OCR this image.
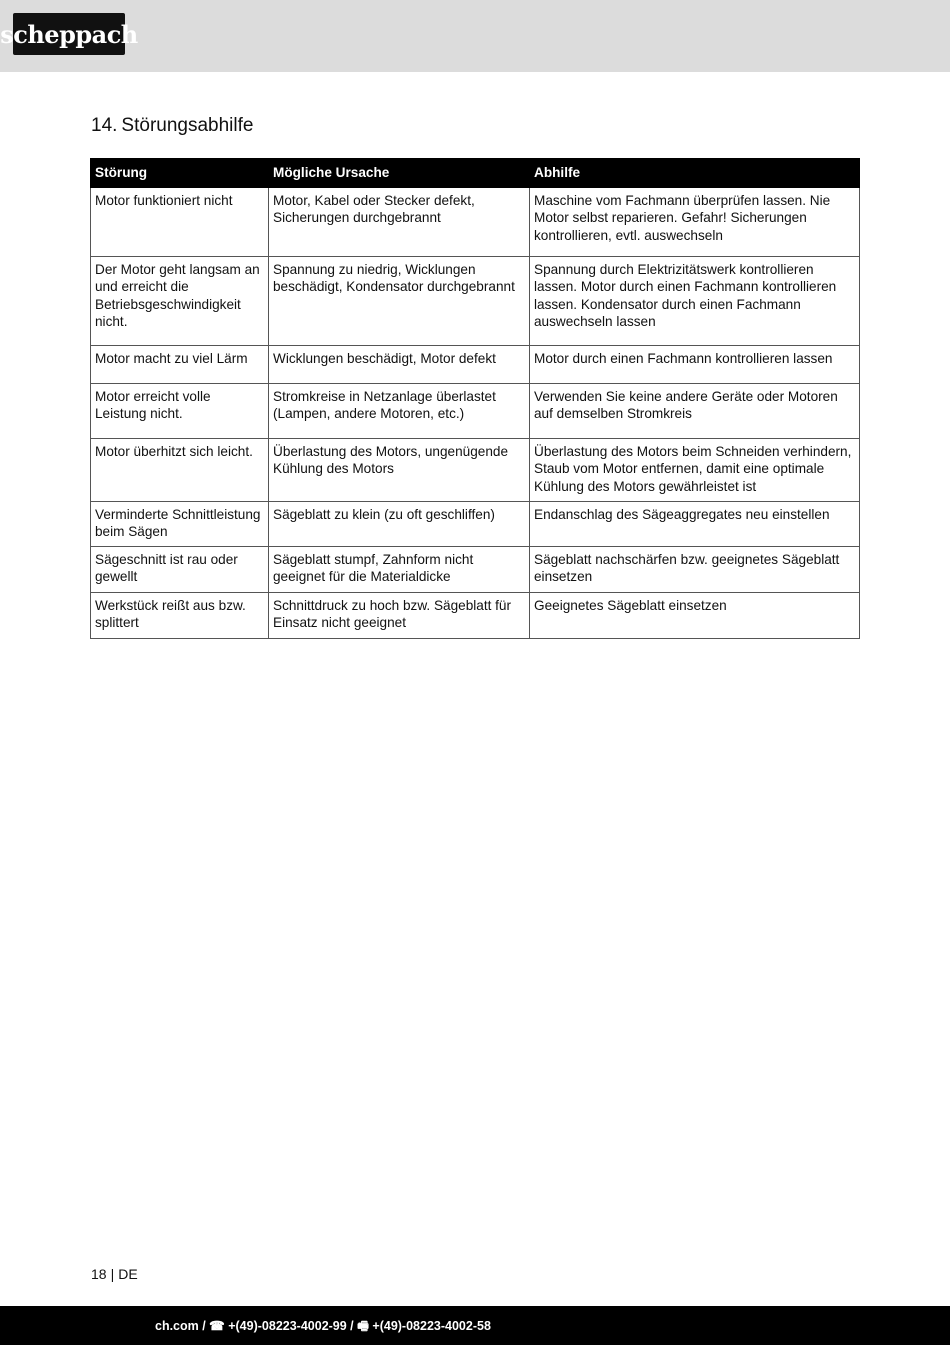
scheppach
14. Störungsabhilfe
Störung	Mögliche Ursache	Abhilfe
Motor funktioniert nicht	Motor, Kabel oder Stecker defekt, Sicherungen durchgebrannt	Maschine vom Fachmann überprüfen lassen. Nie Motor selbst reparieren. Gefahr! Sicherungen kontrollieren, evtl. auswechseln
Der Motor geht langsam an und erreicht die Betriebsgeschwindigkeit nicht.	Spannung zu niedrig, Wicklungen beschädigt, Kondensator durchgebrannt	Spannung durch Elektrizitätswerk kontrollieren lassen. Motor durch einen Fachmann kontrollieren lassen. Kondensator durch einen Fachmann auswechseln lassen
Motor macht zu viel Lärm	Wicklungen beschädigt, Motor defekt	Motor durch einen Fachmann kontrollieren lassen
Motor erreicht volle Leistung nicht.	Stromkreise in Netzanlage überlastet (Lampen, andere Motoren, etc.)	Verwenden Sie keine andere Geräte oder Motoren auf demselben Stromkreis
Motor überhitzt sich leicht.	Überlastung des Motors, ungenügende Kühlung des Motors	Überlastung des Motors beim Schneiden verhindern, Staub vom Motor entfernen, damit eine optimale Kühlung des Motors gewährleistet ist
Verminderte Schnittleistung beim Sägen	Sägeblatt zu klein (zu oft geschliffen)	Endanschlag des Sägeaggregates neu einstellen
Sägeschnitt ist rau oder gewellt	Sägeblatt stumpf, Zahnform nicht geeignet für die Materialdicke	Sägeblatt nachschärfen bzw. geeignetes Sägeblatt einsetzen
Werkstück reißt aus bzw. splittert	Schnittdruck zu hoch bzw. Sägeblatt für Einsatz nicht geeignet	Geeignetes Sägeblatt einsetzen
18 | DE
ch.com / ☎ +(49)-08223-4002-99 / 🖷 +(49)-08223-4002-58
